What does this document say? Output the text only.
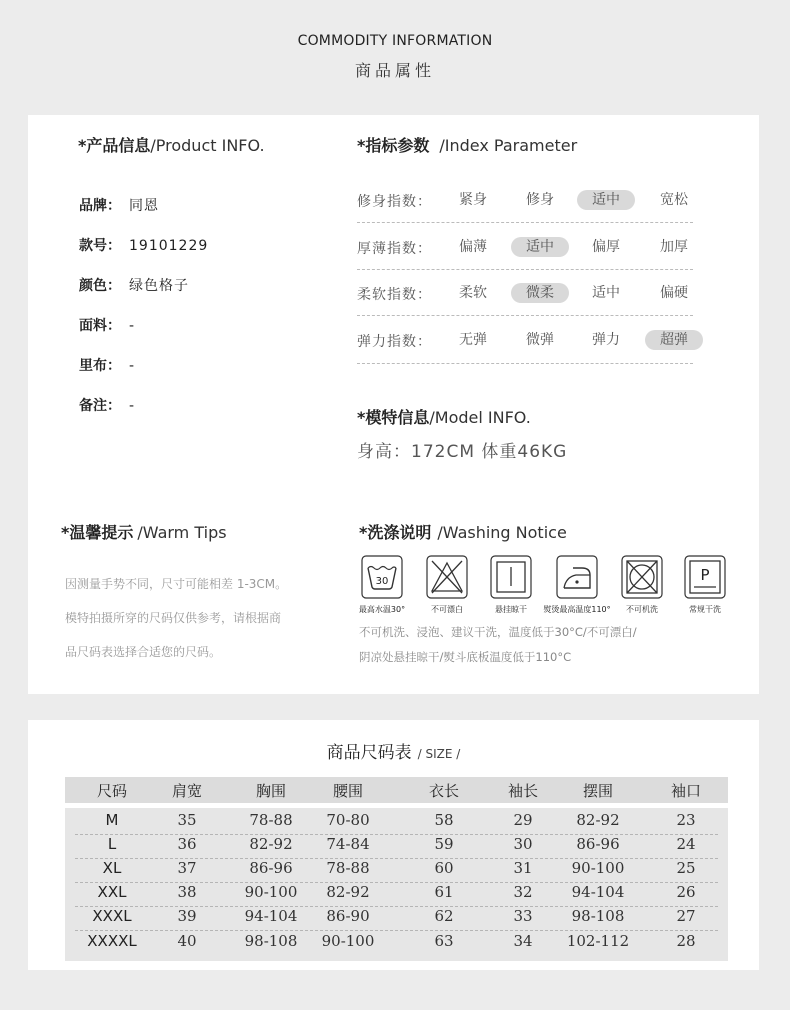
COMMODITY INFORMATION
商品属性
*产品信息/Product INFO.
品牌： 同恩
款号： 19101229
颜色： 绿色格子
面料： -
里布： -
备注： -
*指标参数 /Index Parameter
修身指数：	紧身	修身	适中	宽松
厚薄指数：	偏薄	适中	偏厚	加厚
柔软指数：	柔软	微柔	适中	偏硬
弹力指数：	无弹	微弹	弹力	超弹
*模特信息/Model INFO.
身高：172CM 体重46KG
*温馨提示 /Warm Tips
因测量手势不同，尺寸可能相差 1-3CM。
模特拍摄所穿的尺码仅供参考，请根据商
品尺码表选择合适您的尺码。
*洗涤说明 /Washing Notice
30	P
最高水温30°	不可漂白	悬挂晾干	熨烫最高温度110°	不可机洗	常规干洗
不可机洗、浸泡、建议干洗，温度低于30°C/不可漂白/
阴凉处悬挂晾干/熨斗底板温度低于110°C
商品尺码表 / SIZE /
尺码	肩宽	胸围	腰围	衣长	袖长	摆围	袖口
M	35	78-88 70-80	58	29	82-92	23
L	36	82-92 74-84	59	30	86-96	24
XL	37	86-96 78-88	60	31	90-100	25
XXL	38	90-100 82-92	61	32	94-104	26
XXXL	39	94-104 86-90	62	33	98-108	27
XXXXL	40	98-108 90-100	63	34 102-112	28
